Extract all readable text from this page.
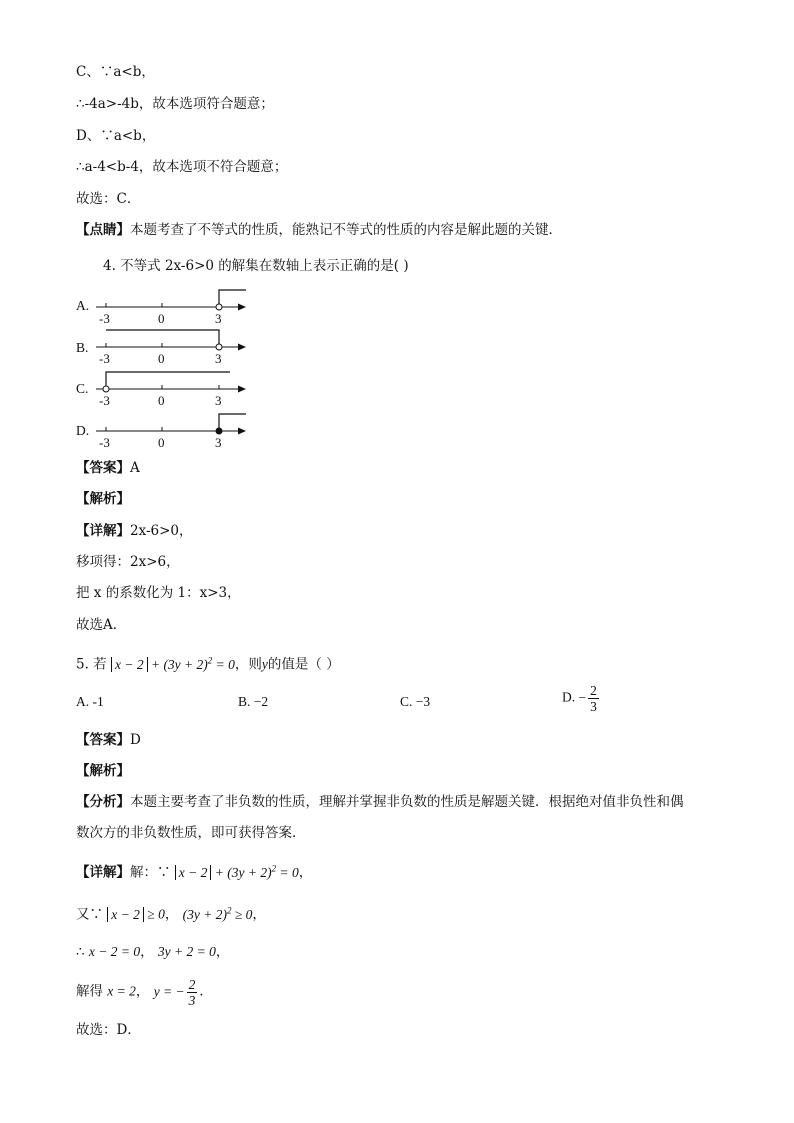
C、∵a<b，
∴-4a>-4b，故本选项符合题意；
D、∵a<b，
∴a-4<b-4，故本选项不符合题意；
故选：C．
【点睛】本题考查了不等式的性质，能熟记不等式的性质的内容是解此题的关键．
4. 不等式 2x-6>0 的解集在数轴上表示正确的是( )
A.
-3	0	3
B.
-3	0	3
C.
-3	0	3
D.
-3	0	3
【答案】A
【解析】
【详解】2x-6>0，
移项得：2x>6，
把 x 的系数化为 1：x>3，
故选A．
5. 若 $x - 2 + (3y + 2)^2 = 0$，则y的值是（ ）
A. -1	B. −2	C. −3	D. − $\frac{2}{3}$
【答案】D
【解析】
【分析】本题主要考查了非负数的性质，理解并掌握非负数的性质是解题关键．根据绝对值非负性和偶
数次方的非负数性质，即可获得答案．
【详解】解：∵ $x - 2 + (3y + 2)^2 = 0$，
又∵ x − 2 ≥ 0， $(3y + 2)^2 \ge 0$，
∴ x − 2 = 0， 3y + 2 = 0，
解得 x = 2， y = − $\frac{2}{3}$ ．
故选：D．
